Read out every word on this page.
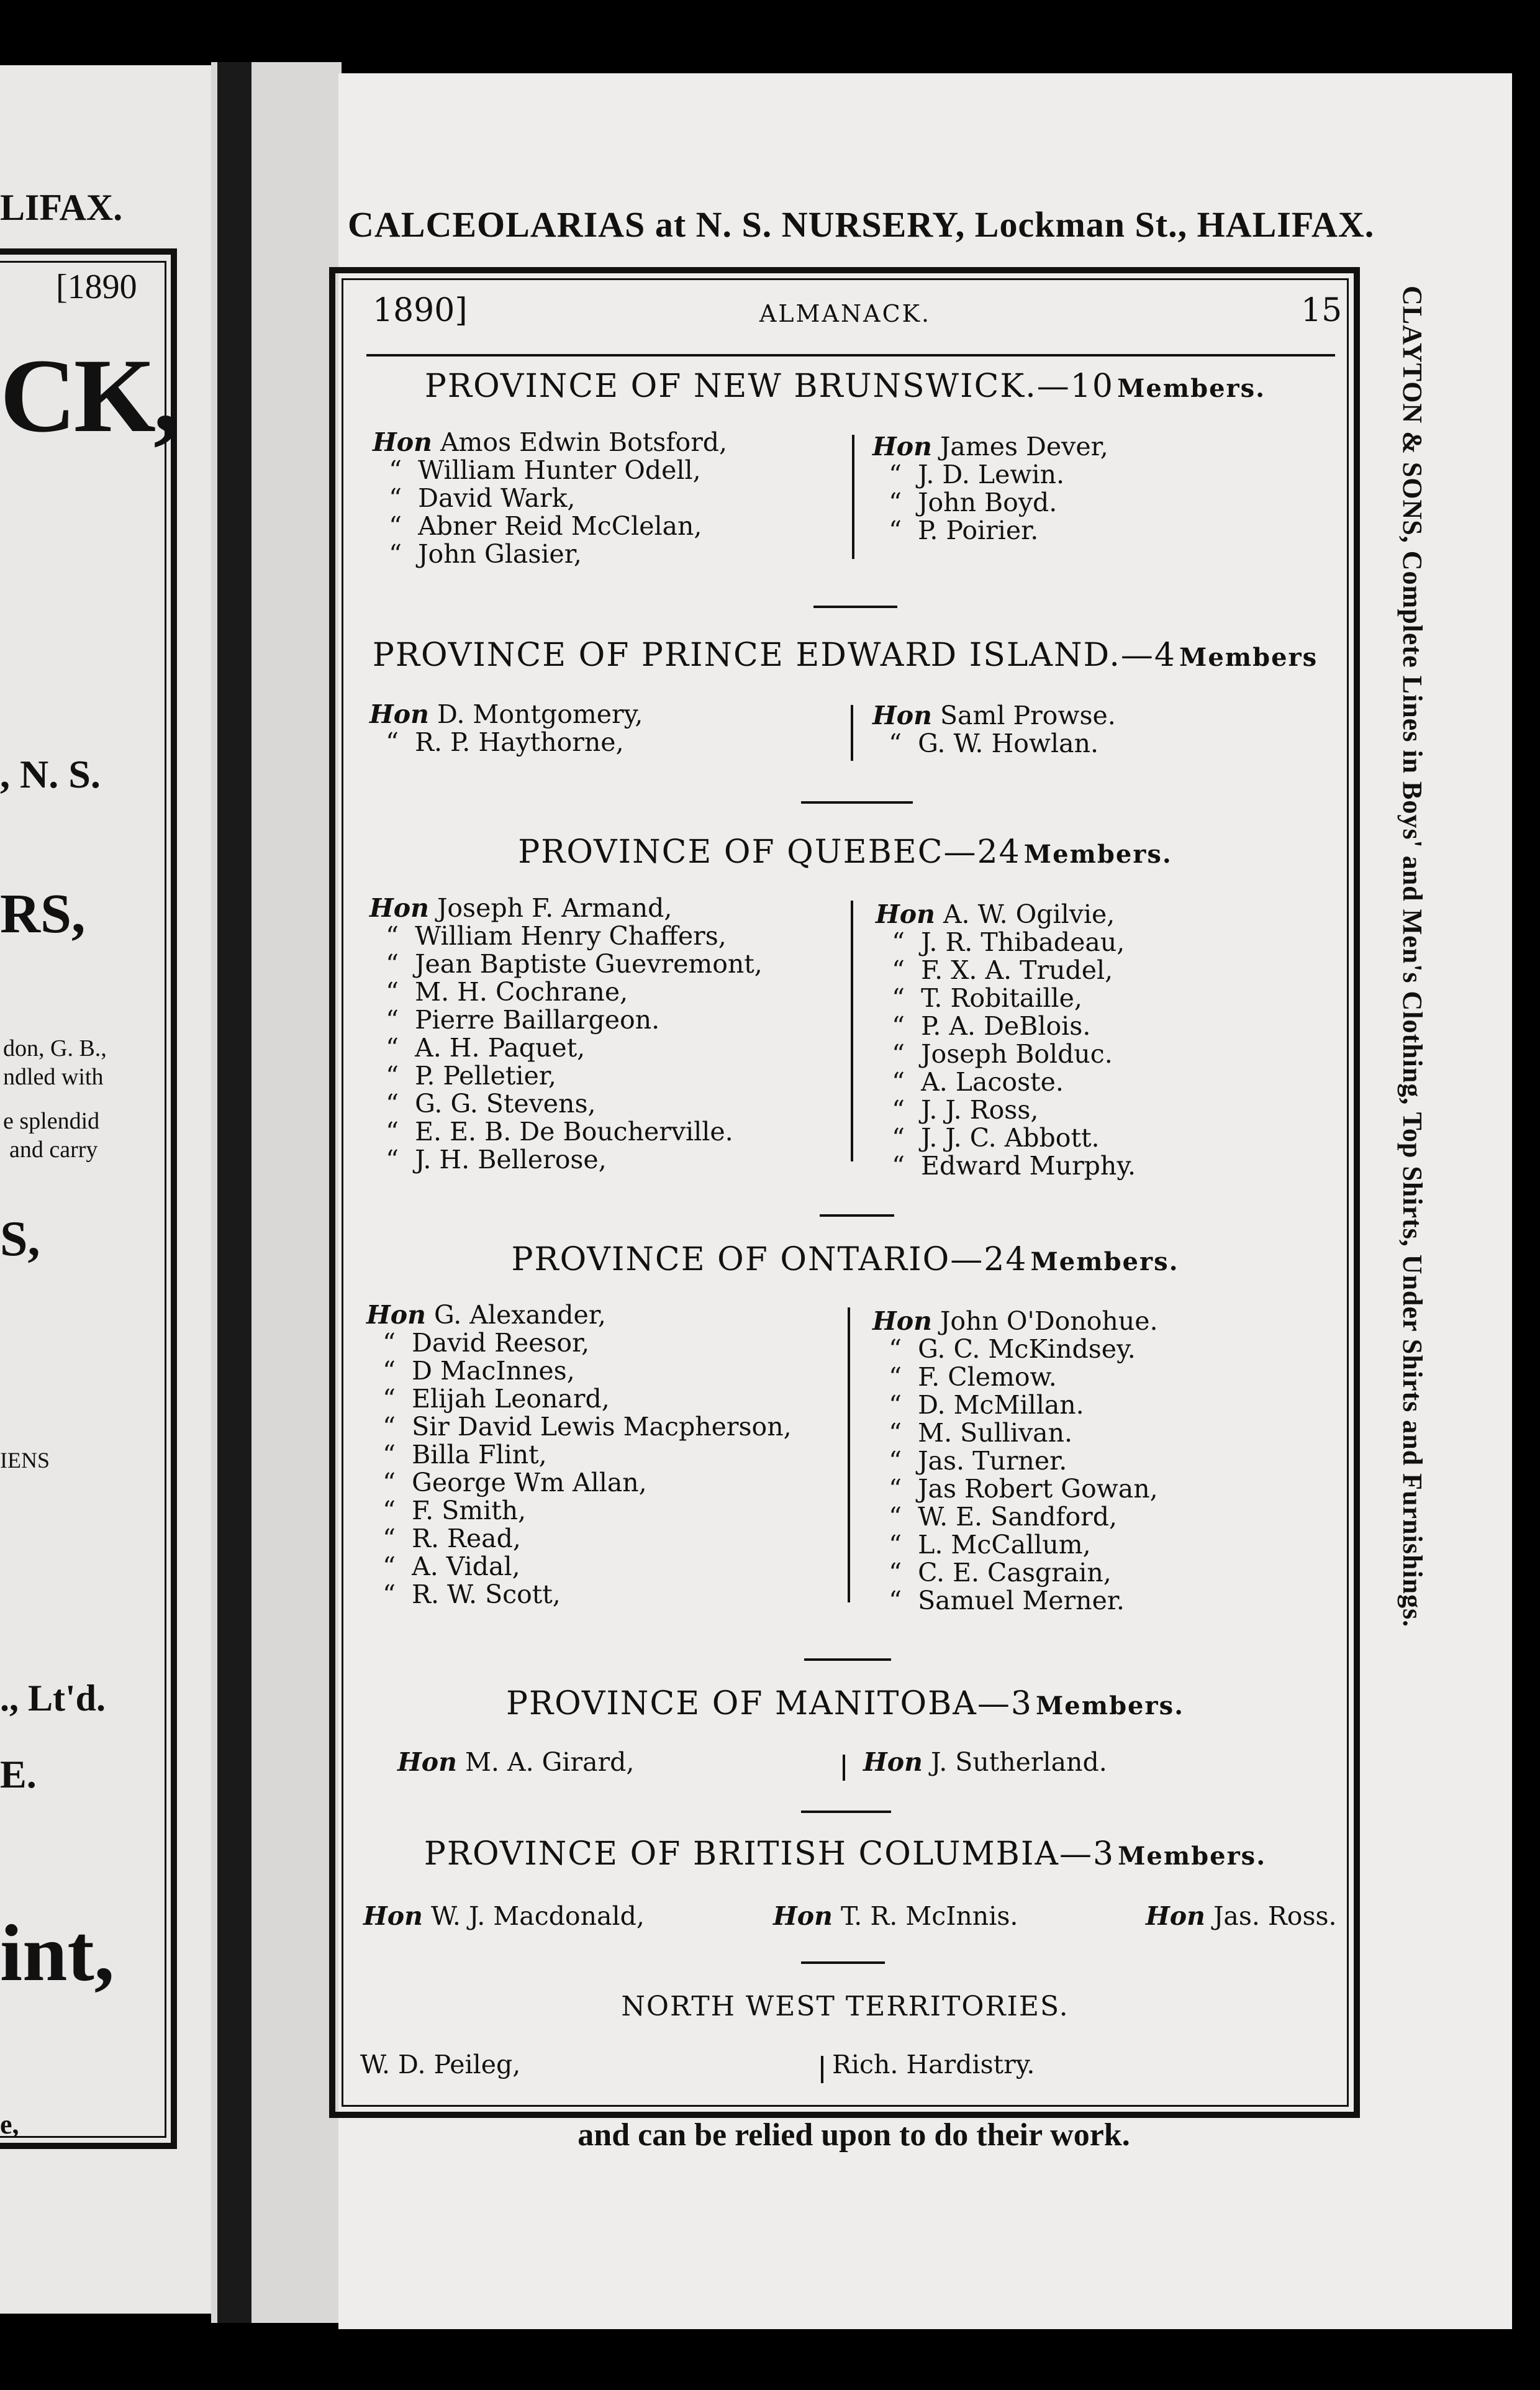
LIFAX.
[1890
CK,
, N. S.
RS,
don, G. B.,
ndled with
e splendid
and carry
S,
IENS
., Lt'd.
E.
int,
e,
CALCEOLARIAS at N. S. NURSERY, Lockman St., HALIFAX.
CLAYTON & SONS, Complete Lines in Boys' and Men's Clothing, Top Shirts, Under Shirts and Furnishings.
1890]	ALMANACK.	15
PROVINCE OF NEW BRUNSWICK.—10 Members.
Hon Amos Edwin Botsford,
“  William Hunter Odell,
“  David Wark,
“  Abner Reid McClelan,
“  John Glasier,
Hon James Dever,
“  J. D. Lewin.
“  John Boyd.
“  P. Poirier.
PROVINCE OF PRINCE EDWARD ISLAND.—4 Members
Hon D. Montgomery,
“  R. P. Haythorne,
Hon Saml Prowse.
“  G. W. Howlan.
PROVINCE OF QUEBEC—24 Members.
Hon Joseph F. Armand,
“  William Henry Chaffers,
“  Jean Baptiste Guevremont,
“  M. H. Cochrane,
“  Pierre Baillargeon.
“  A. H. Paquet,
“  P. Pelletier,
“  G. G. Stevens,
“  E. E. B. De Boucherville.
“  J. H. Bellerose,
Hon A. W. Ogilvie,
“  J. R. Thibadeau,
“  F. X. A. Trudel,
“  T. Robitaille,
“  P. A. DeBlois.
“  Joseph Bolduc.
“  A. Lacoste.
“  J. J. Ross,
“  J. J. C. Abbott.
“  Edward Murphy.
PROVINCE OF ONTARIO—24 Members.
Hon G. Alexander,
“  David Reesor,
“  D MacInnes,
“  Elijah Leonard,
“  Sir David Lewis Macpherson,
“  Billa Flint,
“  George Wm Allan,
“  F. Smith,
“  R. Read,
“  A. Vidal,
“  R. W. Scott,
Hon John O'Donohue.
“  G. C. McKindsey.
“  F. Clemow.
“  D. McMillan.
“  M. Sullivan.
“  Jas. Turner.
“  Jas Robert Gowan,
“  W. E. Sandford,
“  L. McCallum,
“  C. E. Casgrain,
“  Samuel Merner.
PROVINCE OF MANITOBA—3 Members.
Hon M. A. Girard,	Hon J. Sutherland.
PROVINCE OF BRITISH COLUMBIA—3 Members.
Hon W. J. Macdonald,	Hon T. R. McInnis.	Hon Jas. Ross.
NORTH WEST TERRITORIES.
W. D. Peileg,	Rich. Hardistry.
and can be relied upon to do their work.
